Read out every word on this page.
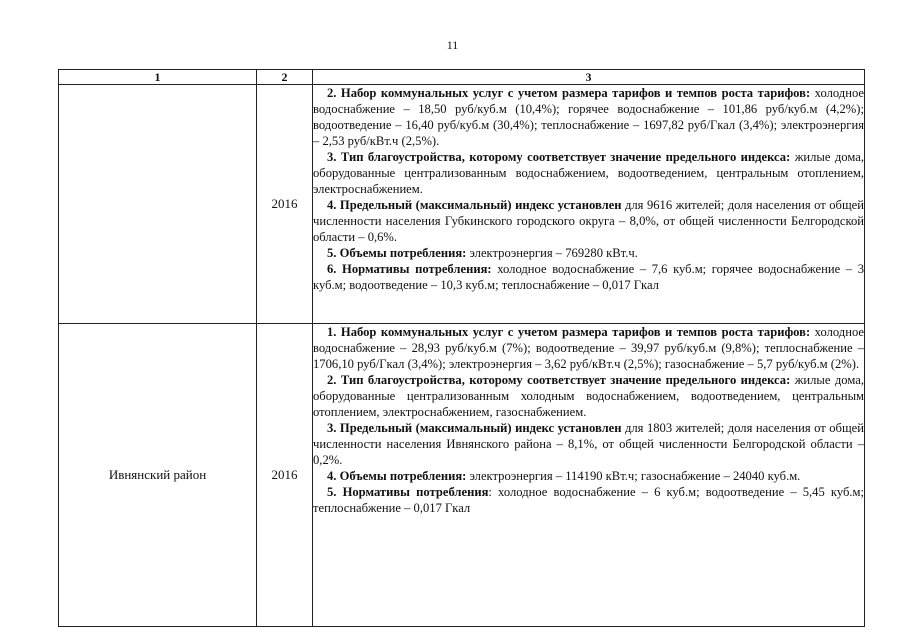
11
1	2	3
	2016	2. Набор коммунальных услуг с учетом размера тарифов и темпов роста тарифов: холодное водоснабжение – 18,50 руб/куб.м (10,4%); горячее водоснабжение – 101,86 руб/куб.м (4,2%); водоотведение – 16,40 руб/куб.м (30,4%); теплоснабжение – 1697,82 руб/Гкал (3,4%); электроэнергия – 2,53 руб/кВт.ч (2,5%).

3. Тип благоустройства, которому соответствует значение предельного индекса: жилые дома, оборудованные централизованным водоснабжением, водоотведением, центральным отоплением, электроснабжением.

4. Предельный (максимальный) индекс установлен для 9616 жителей; доля населения от общей численности населения Губкинского городского округа – 8,0%, от общей численности Белгородской области – 0,6%.

5. Объемы потребления: электроэнергия – 769280 кВт.ч.

6. Нормативы потребления: холодное водоснабжение – 7,6 куб.м; горячее водоснабжение – 3 куб.м; водоотведение – 10,3 куб.м; теплоснабжение – 0,017 Гкал

Ивнянский район	2016	1. Набор коммунальных услуг с учетом размера тарифов и темпов роста тарифов: холодное водоснабжение – 28,93 руб/куб.м (7%); водоотведение – 39,97 руб/куб.м (9,8%); теплоснабжение – 1706,10 руб/Гкал (3,4%); электроэнергия – 3,62 руб/кВт.ч (2,5%); газоснабжение – 5,7 руб/куб.м (2%).

2. Тип благоустройства, которому соответствует значение предельного индекса: жилые дома, оборудованные централизованным холодным водоснабжением, водоотведением, центральным отоплением, электроснабжением, газоснабжением.

3. Предельный (максимальный) индекс установлен для 1803 жителей; доля населения от общей численности населения Ивнянского района – 8,1%, от общей численности Белгородской области – 0,2%.

4. Объемы потребления: электроэнергия – 114190 кВт.ч; газоснабжение – 24040 куб.м.

5. Нормативы потребления: холодное водоснабжение – 6 куб.м; водоотведение – 5,45 куб.м; теплоснабжение – 0,017 Гкал
